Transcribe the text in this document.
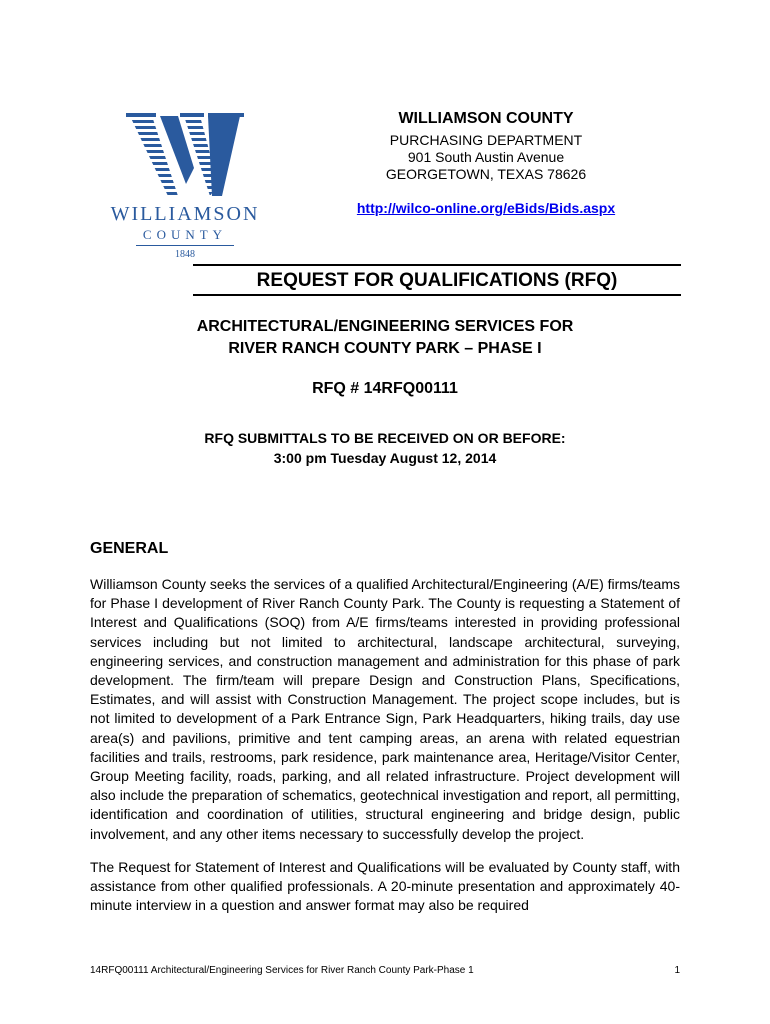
WILLIAMSON
COUNTY
1848
WILLIAMSON COUNTY
PURCHASING DEPARTMENT
901 South Austin Avenue
GEORGETOWN, TEXAS 78626
http://wilco-online.org/eBids/Bids.aspx
REQUEST FOR QUALIFICATIONS (RFQ)
ARCHITECTURAL/ENGINEERING SERVICES FOR
RIVER RANCH COUNTY PARK – PHASE I
RFQ # 14RFQ00111
RFQ SUBMITTALS TO BE RECEIVED ON OR BEFORE:
3:00 pm Tuesday August 12, 2014
GENERAL

Williamson County seeks the services of a qualified Architectural/Engineering (A/E) firms/teams for Phase I development of River Ranch County Park. The County is requesting a Statement of Interest and Qualifications (SOQ) from A/E firms/teams interested in providing professional services including but not limited to architectural, landscape architectural, surveying, engineering services, and construction management and administration for this phase of park development. The firm/team will prepare Design and Construction Plans, Specifications, Estimates, and will assist with Construction Management. The project scope includes, but is not limited to development of a Park Entrance Sign, Park Headquarters, hiking trails, day use area(s) and pavilions, primitive and tent camping areas, an arena with related equestrian facilities and trails, restrooms, park residence, park maintenance area, Heritage/Visitor Center, Group Meeting facility, roads, parking, and all related infrastructure. Project development will also include the preparation of schematics, geotechnical investigation and report, all permitting, identification and coordination of utilities, structural engineering and bridge design, public involvement, and any other items necessary to successfully develop the project.

The Request for Statement of Interest and Qualifications will be evaluated by County staff, with assistance from other qualified professionals. A 20-minute presentation and approximately 40-minute interview in a question and answer format may also be required

14RFQ00111 Architectural/Engineering Services for River Ranch County Park-Phase 1	1
